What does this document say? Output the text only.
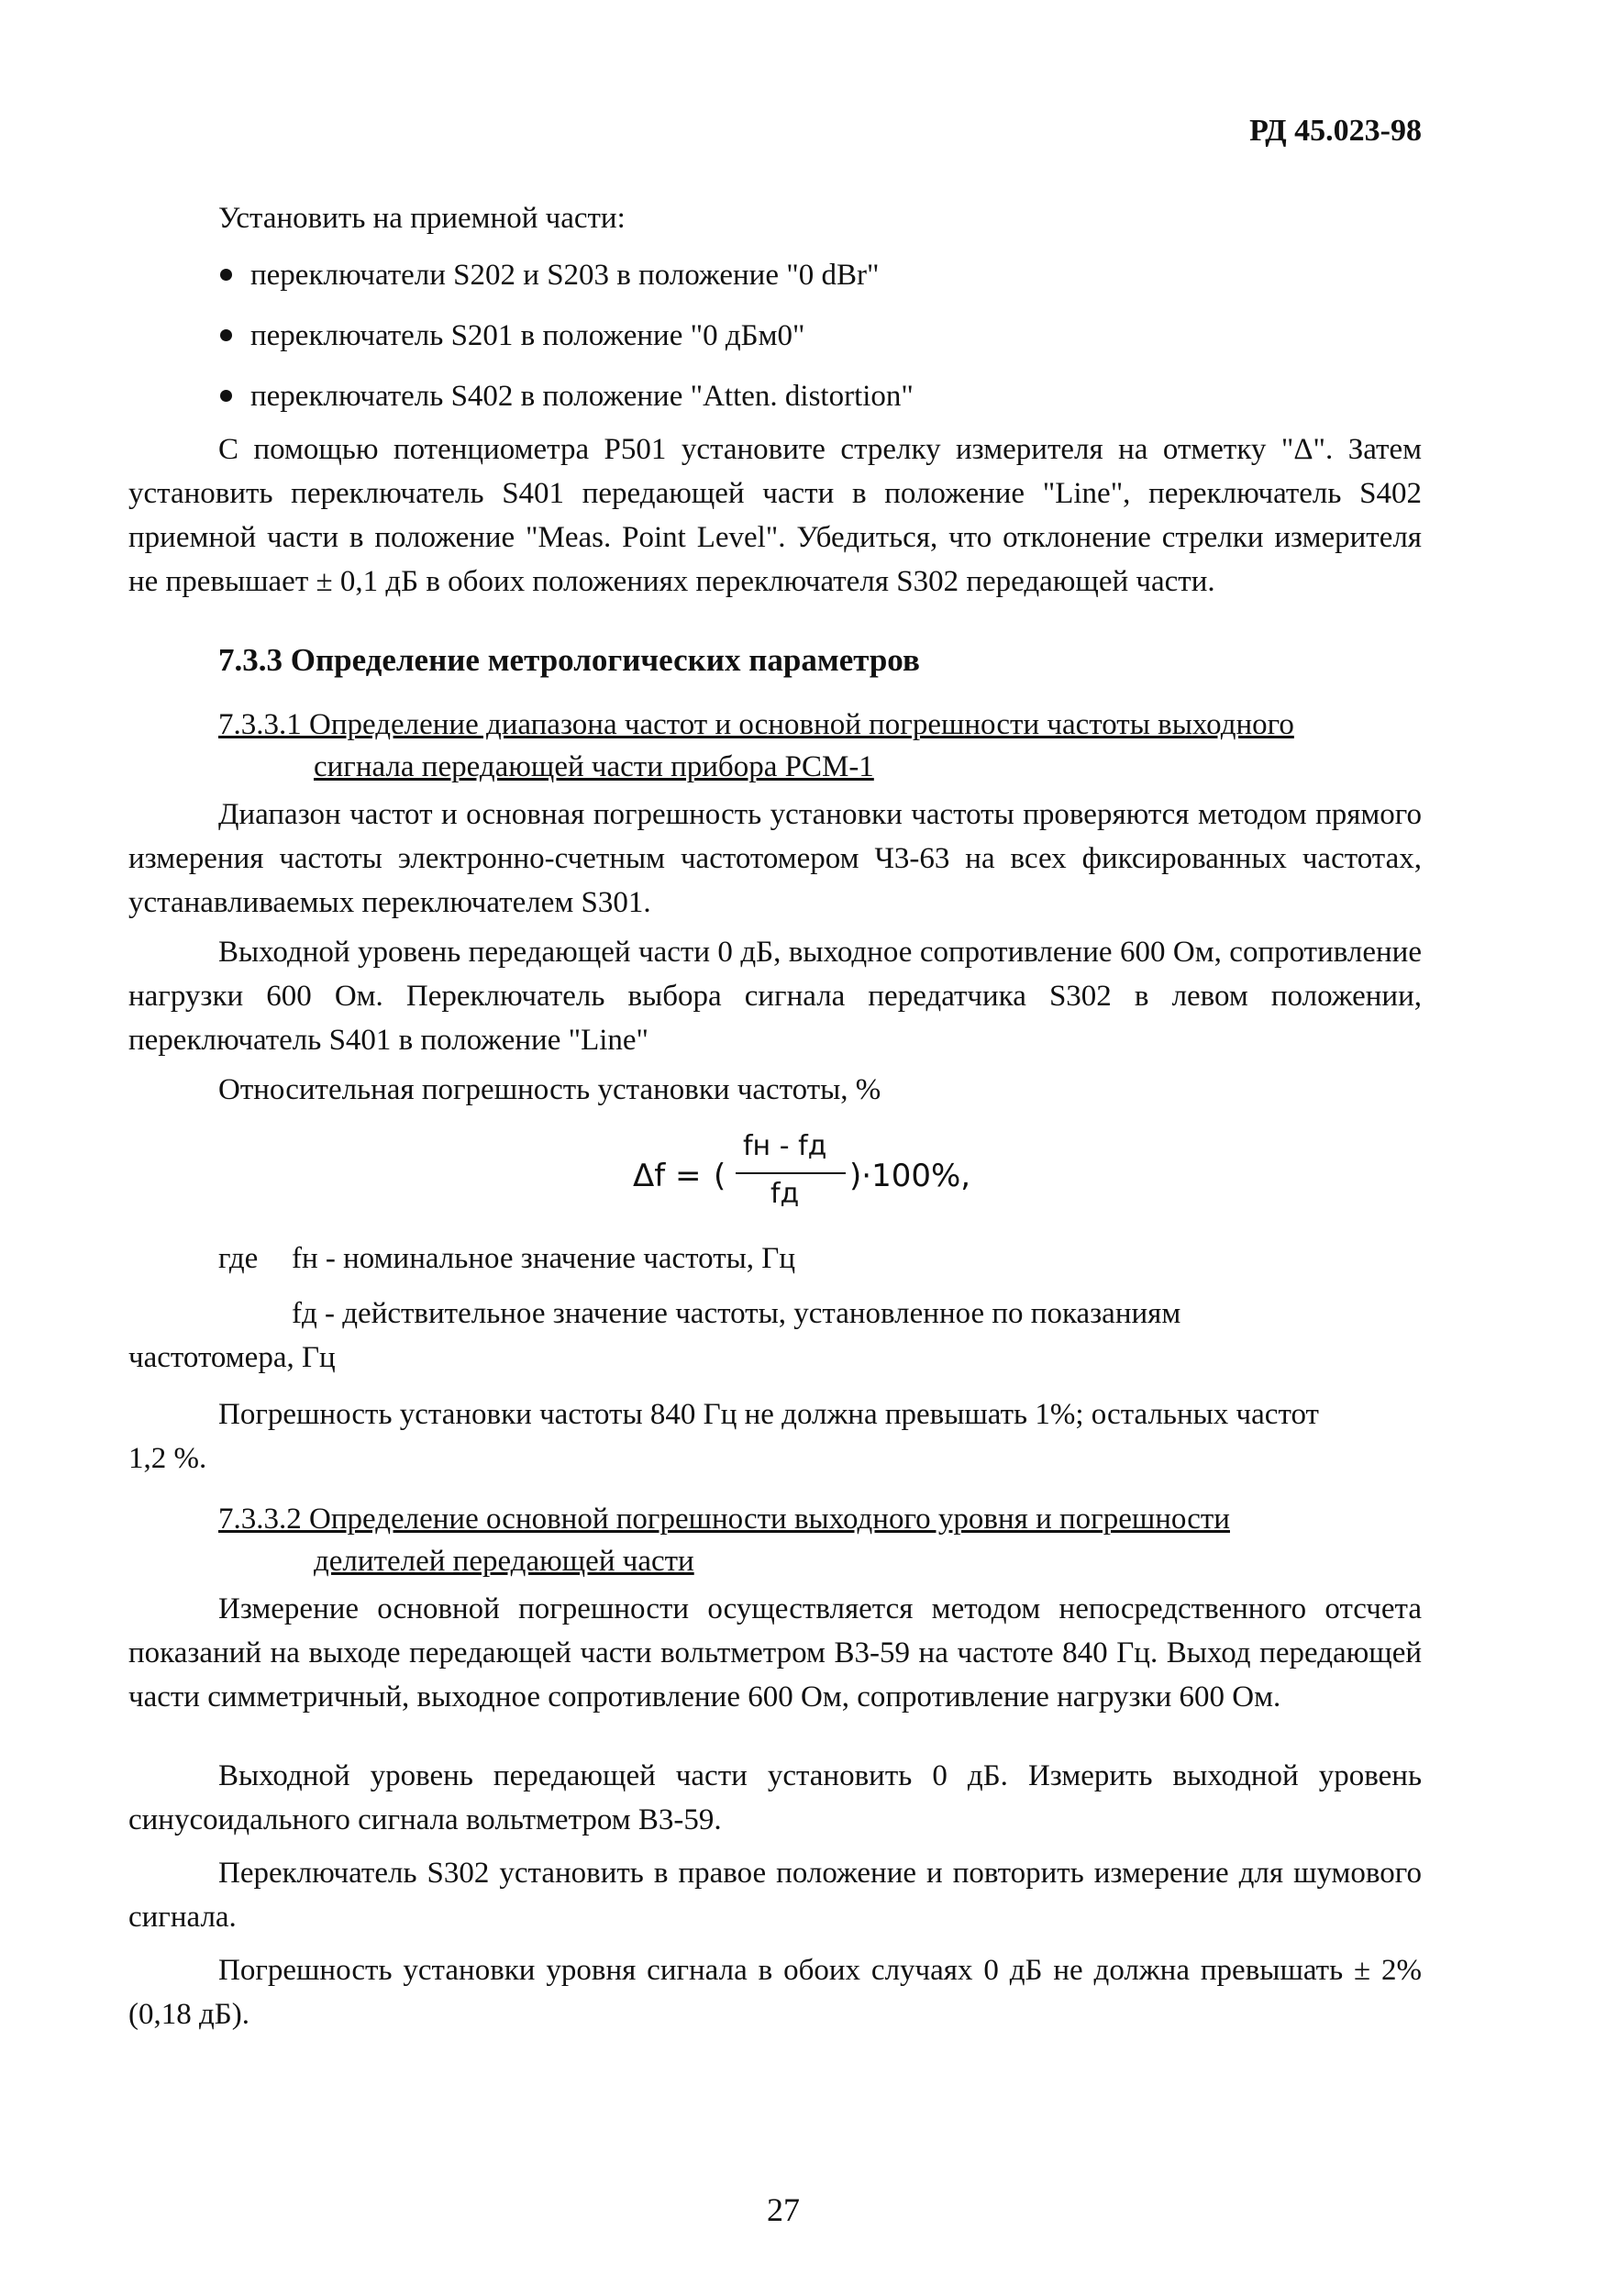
РД 45.023-98
Установить на приемной части:
переключатели S202 и S203 в положение "0 dBr"
переключатель S201 в положение "0 дБм0"
переключатель S402 в положение "Atten. distortion"
С помощью потенциометра P501 установите стрелку измерителя на отметку "Δ". Затем установить переключатель S401 передающей части в положение "Line", переключатель S402 приемной части в положение "Meas. Point Level". Убедиться, что отклонение стрелки измерителя не превышает ± 0,1 дБ в обоих положениях переключателя S302 передающей части.
7.3.3 Определение метрологических параметров
7.3.3.1 Определение диапазона частот и основной погрешности частоты выходного
сигнала передающей части прибора PCM-1
Диапазон частот и основная погрешность установки частоты проверяются методом прямого измерения частоты электронно-счетным частотомером Ч3-63 на всех фиксированных частотах, устанавливаемых переключателем S301.
Выходной уровень передающей части 0 дБ, выходное сопротивление 600 Ом, сопротивление нагрузки 600 Ом. Переключатель выбора сигнала передатчика S302 в левом положении, переключатель S401 в положение "Line"
Относительная погрешность установки частоты, %
Δf = (
fн - fд
fд )·100%,
где fн - номинальное значение частоты, Гц
fд - действительное значение частоты, установленное по показаниям
частотомера, Гц
Погрешность установки частоты 840 Гц не должна превышать 1%; остальных частот
1,2 %.
7.3.3.2 Определение основной погрешности выходного уровня и погрешности
делителей передающей части
Измерение основной погрешности осуществляется методом непосредственного отсчета показаний на выходе передающей части вольтметром В3-59 на частоте 840 Гц. Выход передающей части симметричный, выходное сопротивление 600 Ом, сопротивление нагрузки 600 Ом.
Выходной уровень передающей части установить 0 дБ. Измерить выходной уровень синусоидального сигнала вольтметром В3-59.
Переключатель S302 установить в правое положение и повторить измерение для шумового сигнала.
Погрешность установки уровня сигнала в обоих случаях 0 дБ не должна превышать ± 2% (0,18 дБ).
27
